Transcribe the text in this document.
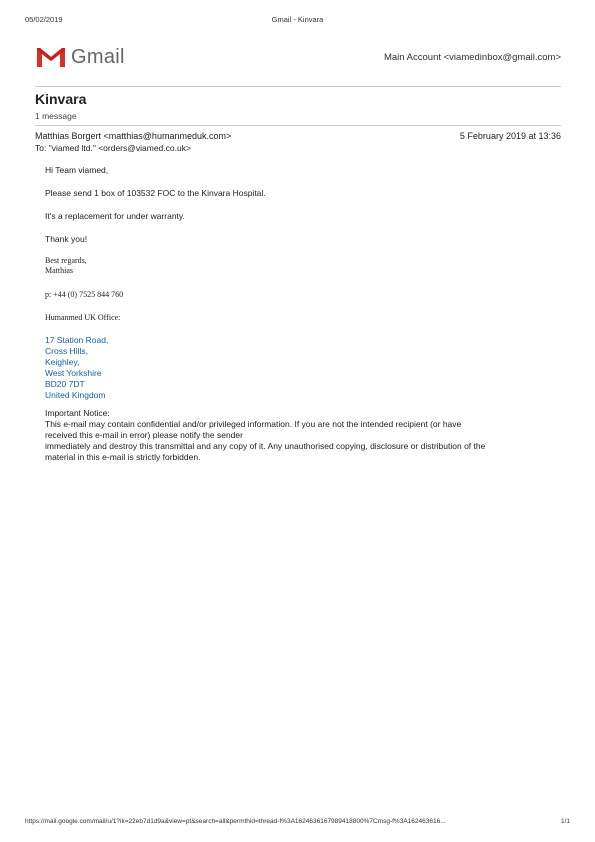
05/02/2019	Gmail - Kinvara
Gmail	Main Account <viamedinbox@gmail.com>
Kinvara
1 message
Matthias Borgert <matthias@humanmeduk.com>	5 February 2019 at 13:36
To: "viamed ltd." <orders@viamed.co.uk>

Hi Team viamed,

Please send 1 box of 103532 FOC to the Kinvara Hospital.

It's a replacement for under warranty.

Thank you!

Best regards,

Matthias

p: +44 (0) 7525 844 760

Humanmed UK Office:

17 Station Road,

Cross Hills,

Keighley,

West Yorkshire

BD20 7DT

United Kingdom

Important Notice:
This e-mail may contain confidential and/or privileged information. If you are not the intended recipient (or have
received this e-mail in error) please notify the sender
immediately and destroy this transmittal and any copy of it. Any unauthorised copying, disclosure or distribution of the
material in this e-mail is strictly forbidden.
https://mail.google.com/mail/u/1?ik=22eb7d1d9a&view=pt&search=all&permthid=thread-f%3A1624636167989418800%7Cmsg-f%3A162463616...	1/1
